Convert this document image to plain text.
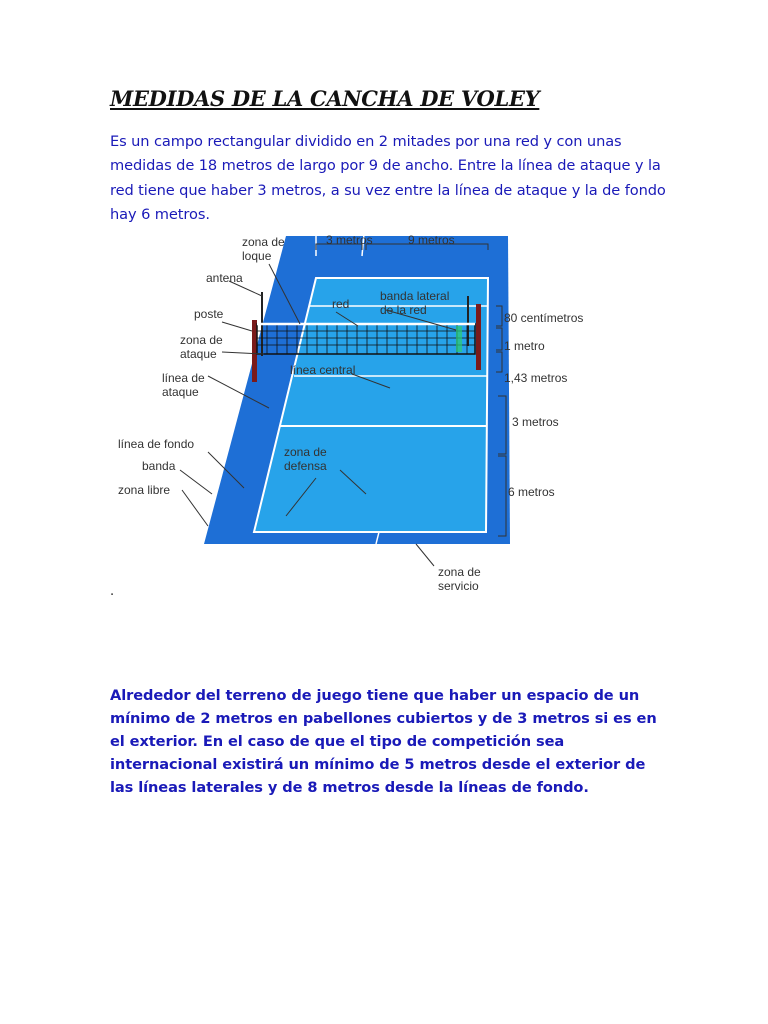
MEDIDAS DE LA CANCHA DE VOLEY
Es un campo rectangular dividido en 2 mitades por una red y con unas medidas de 18 metros de largo por 9 de ancho. Entre la línea de ataque y la red tiene que haber 3 metros, a su vez entre la línea de ataque y la de fondo hay 6 metros.
zona de
loque
antena
poste
zona de
ataque
línea de
ataque
línea de fondo
banda
zona libre
3 metros	9 metros
red
banda lateral
de la red
80 centímetros
1 metro
1,43 metros
línea central
3 metros
zona de
defensa
6 metros
zona de
servicio
.
Alrededor del terreno de juego tiene que haber un espacio de un mínimo de 2 metros en pabellones cubiertos y de 3 metros si es en el exterior. En el caso de que el tipo de competición sea internacional existirá un mínimo de 5 metros desde el exterior de las líneas laterales y de 8 metros desde la líneas de fondo.
